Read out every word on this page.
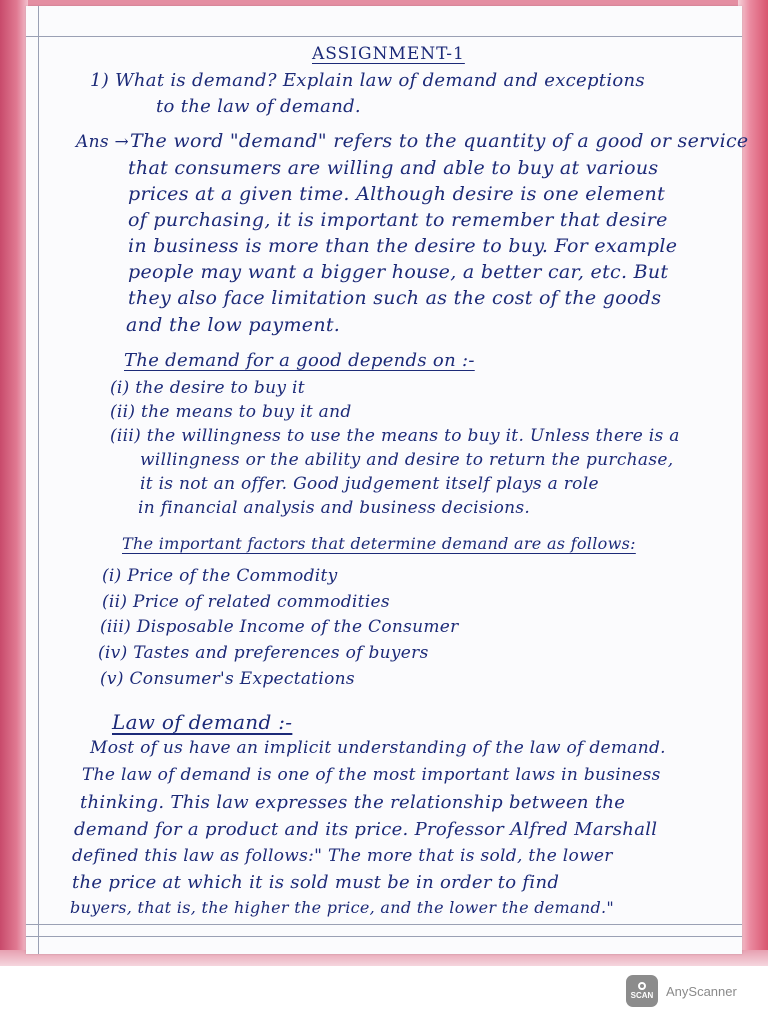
ASSIGNMENT-1
1) What is demand? Explain law of demand and exceptions
to the law of demand.
Ans → The word "demand" refers to the quantity of a good or service
that consumers are willing and able to buy at various
prices at a given time. Although desire is one element
of purchasing, it is important to remember that desire
in business is more than the desire to buy. For example
people may want a bigger house, a better car, etc. But
they also face limitation such as the cost of the goods
and the low payment.
The demand for a good depends on :-
(i) the desire to buy it
(ii) the means to buy it and
(iii) the willingness to use the means to buy it. Unless there is a
willingness or the ability and desire to return the purchase,
it is not an offer. Good judgement itself plays a role
in financial analysis and business decisions.
The important factors that determine demand are as follows:
(i) Price of the Commodity
(ii) Price of related commodities
(iii) Disposable Income of the Consumer
(iv) Tastes and preferences of buyers
(v) Consumer's Expectations
Law of demand :-
Most of us have an implicit understanding of the law of demand.
The law of demand is one of the most important laws in business
thinking. This law expresses the relationship between the
demand for a product and its price. Professor Alfred Marshall
defined this law as follows:" The more that is sold, the lower
the price at which it is sold must be in order to find
buyers, that is, the higher the price, and the lower the demand."
SCAN AnyScanner
